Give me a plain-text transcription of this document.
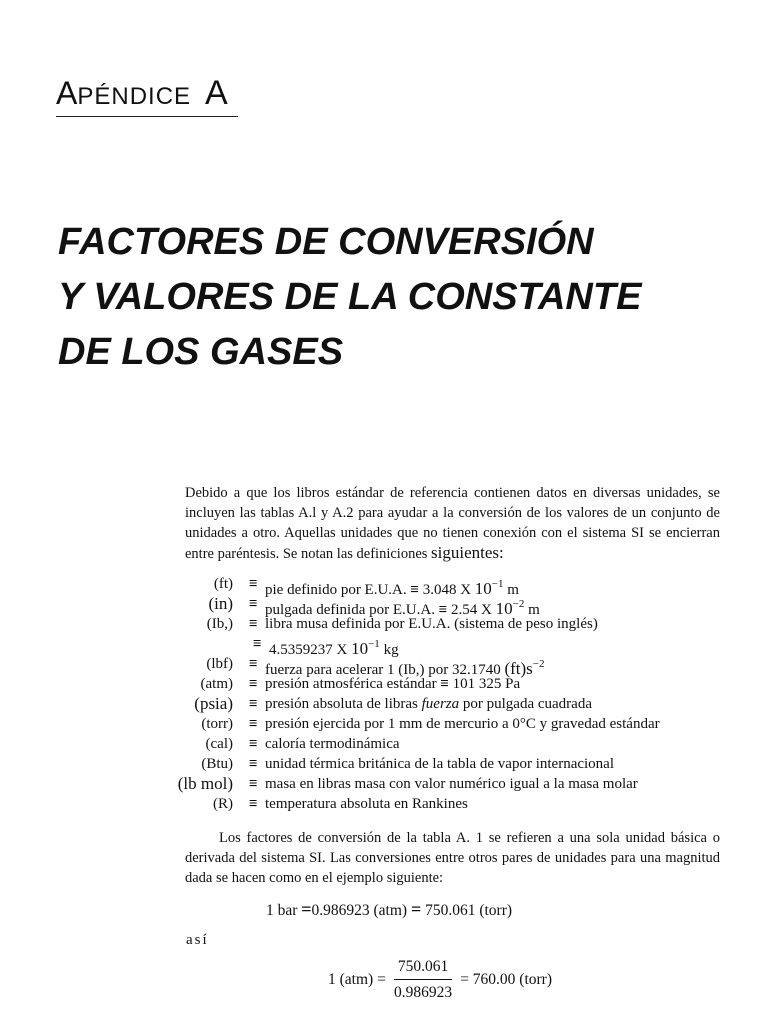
APÉNDICE A
FACTORES DE CONVERSIÓN
Y VALORES DE LA CONSTANTE
DE LOS GASES
Debido a que los libros estándar de referencia contienen datos en diversas unidades, se incluyen las tablas A.l y A.2 para ayudar a la conversión de los valores de un conjunto de unidades a otro. Aquellas unidades que no tienen conexión con el sistema SI se encierran entre paréntesis. Se notan las definiciones siguientes:
(ft) ≡ pie definido por E.U.A. ≡ 3.048 X $10^{-1}$ m
(in) ≡ pulgada definida por E.U.A. ≡ 2.54 X $10^{-2}$ m
(Ib,) ≡ libra musa definida por E.U.A. (sistema de peso inglés)
≡ 4.5359237 X $10^{-1}$ kg
(lbf) ≡ fuerza para acelerar 1 (Ib,) por 32.1740 $(ft)s^{-2}$
(atm) ≡ presión atmosférica estándar ≡ 101 325 Pa
(psia) ≡ presión absoluta de libras fuerza por pulgada cuadrada
(torr) ≡ presión ejercida por 1 mm de mercurio a 0°C y gravedad estándar
(cal) ≡ caloría termodinámica
(Btu) ≡ unidad térmica británica de la tabla de vapor internacional
(lb mol) ≡ masa en libras masa con valor numérico igual a la masa molar
(R) ≡ temperatura absoluta en Rankines
Los factores de conversión de la tabla A. 1 se refieren a una sola unidad básica o derivada del sistema SI. Las conversiones entre otros pares de unidades para una magnitud dada se hacen como en el ejemplo siguiente:
1 bar =0.986923 (atm) = 750.061 (torr)
así
1 $(atm) = \frac{750.061}{0.986923} = 760.00$ (torr)
